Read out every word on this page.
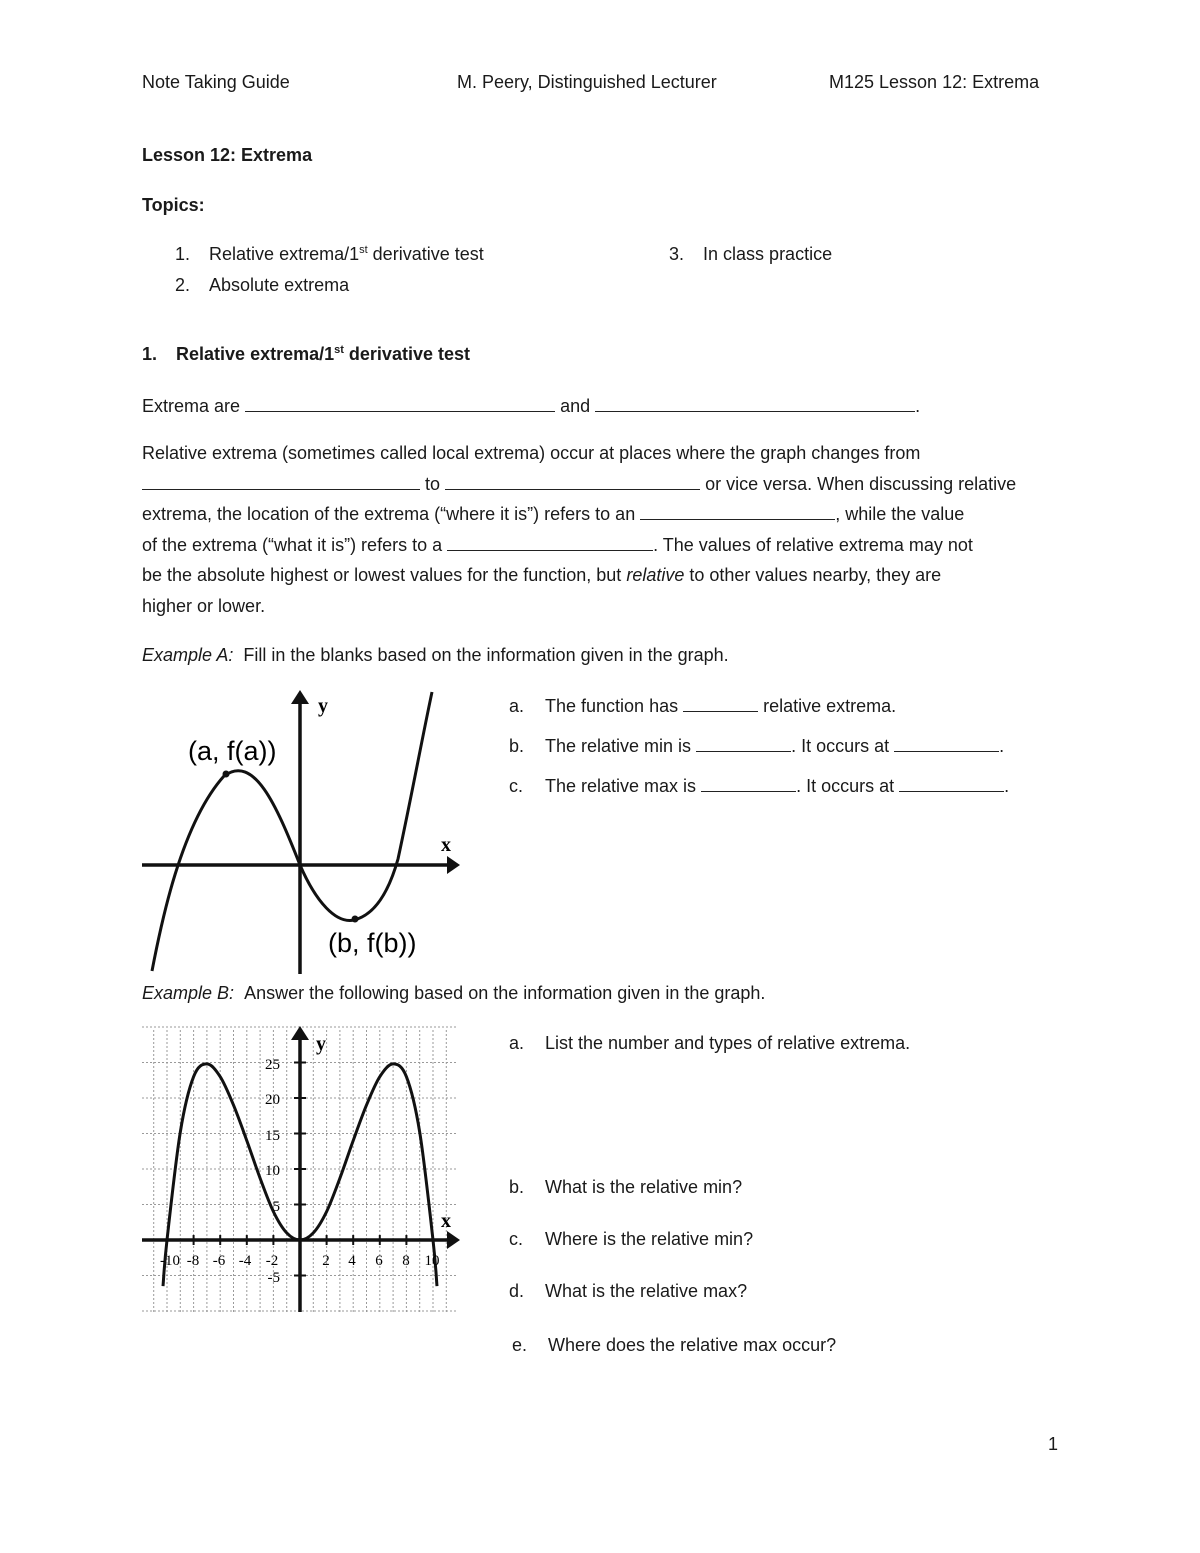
Note Taking Guide	M. Peery, Distinguished Lecturer	M125 Lesson 12: Extrema
Lesson 12: Extrema
Topics:
1. Relative extrema/1st derivative test
2. Absolute extrema
3. In class practice
1. Relative extrema/1st derivative test
Extrema are	and	.

Relative extrema (sometimes called local extrema) occur at places where the graph changes from

to	or vice versa. When discussing relative

extrema, the location of the extrema (“where it is”) refers to an	, while the value

of the extrema (“what it is”) refers to a	. The values of relative extrema may not

be the absolute highest or lowest values for the function, but relative to other values nearby, they are

higher or lower.

Example A: Fill in the blanks based on the information given in the graph.
y
x
(a, f(a))
(b, f(b))
a. The function has	relative extrema.
b. The relative min is	. It occurs at	.
c. The relative max is	. It occurs at	.
Example B: Answer the following based on the information given in the graph.
y
x
25
20
15
10
5
-5
-10 -8 -6 -4 -2	2 4 6 8 10
a. List the number and types of relative extrema.
b. What is the relative min?
c. Where is the relative min?
d. What is the relative max?
e. Where does the relative max occur?
1
